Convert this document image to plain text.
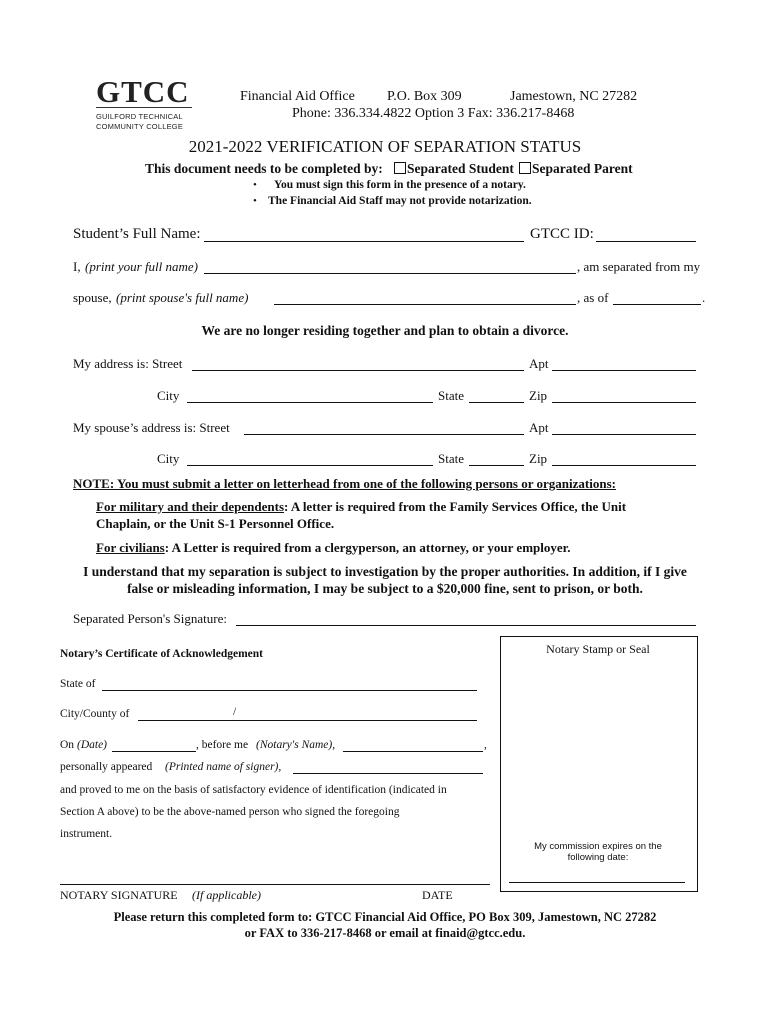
GTCC
GUILFORD TECHNICAL
COMMUNITY COLLEGE
Financial Aid Office P.O. Box 309	Jamestown, NC 27282
Phone: 336.334.4822 Option 3 Fax: 336.217-8468
2021-2022 VERIFICATION OF SEPARATION STATUS
This document needs to be completed by: Separated Student Separated Parent
• You must sign this form in the presence of a notary.
• The Financial Aid Staff may not provide notarization.
Student’s Full Name:	GTCC ID:
I, (print your full name)	, am separated from my
spouse, (print spouse's full name)	, as of	.
We are no longer residing together and plan to obtain a divorce.
My address is: Street	Apt
City	State	Zip
My spouse’s address is: Street	Apt
City	State	Zip
NOTE: You must submit a letter on letterhead from one of the following persons or organizations:
For military and their dependents: A letter is required from the Family Services Office, the Unit
Chaplain, or the Unit S-1 Personnel Office.
For civilians: A Letter is required from a clergyperson, an attorney, or your employer.
I understand that my separation is subject to investigation by the proper authorities. In addition, if I give
false or misleading information, I may be subject to a $20,000 fine, sent to prison, or both.
Separated Person's Signature:
Notary Stamp or Seal
My commission expires on the
following date:
Notary’s Certificate of Acknowledgement
State of
City/County of	/
On (Date)	, before me (Notary's Name),	,
personally appeared (Printed name of signer),
and proved to me on the basis of satisfactory evidence of identification (indicated in
Section A above) to be the above-named person who signed the foregoing
instrument.
NOTARY SIGNATURE (If applicable)	DATE
Please return this completed form to: GTCC Financial Aid Office, PO Box 309, Jamestown, NC 27282
or FAX to 336-217-8468 or email at finaid@gtcc.edu.
